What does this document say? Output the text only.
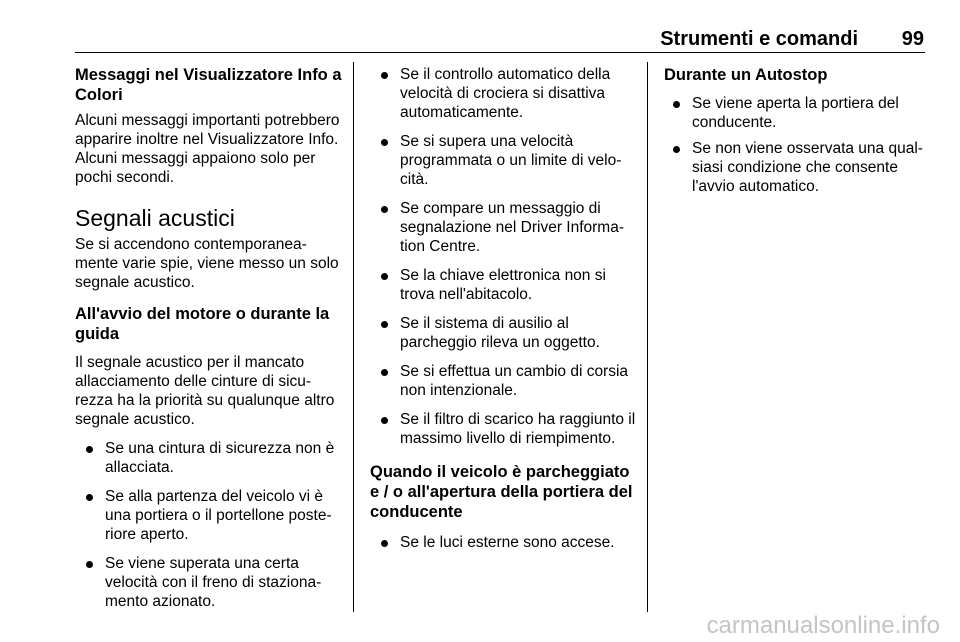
Strumenti e comandi	99
Messaggi nel Visualizzatore Info a Colori
Alcuni messaggi importanti potrebbero apparire inoltre nel Visualizzatore Info. Alcuni messaggi appaiono solo per pochi secondi.
Segnali acustici
Se si accendono contemporaneamente varie spie, viene messo un solo segnale acustico.
All'avvio del motore o durante la guida
Il segnale acustico per il mancato allacciamento delle cinture di sicurezza ha la priorità su qualunque altro segnale acustico.
Se una cintura di sicurezza non è allacciata.
Se alla partenza del veicolo vi è una portiera o il portellone posteriore aperto.
Se viene superata una certa velocità con il freno di stazionamento azionato.
Se il controllo automatico della velocità di crociera si disattiva automaticamente.
Se si supera una velocità programmata o un limite di velocità.
Se compare un messaggio di segnalazione nel Driver Information Centre.
Se la chiave elettronica non si trova nell'abitacolo.
Se il sistema di ausilio al parcheggio rileva un oggetto.
Se si effettua un cambio di corsia non intenzionale.
Se il filtro di scarico ha raggiunto il massimo livello di riempimento.
Quando il veicolo è parcheggiato e / o all'apertura della portiera del conducente
Se le luci esterne sono accese.
Durante un Autostop
Se viene aperta la portiera del conducente.
Se non viene osservata una qualsiasi condizione che consente l'avvio automatico.
carmanualsonline.info
